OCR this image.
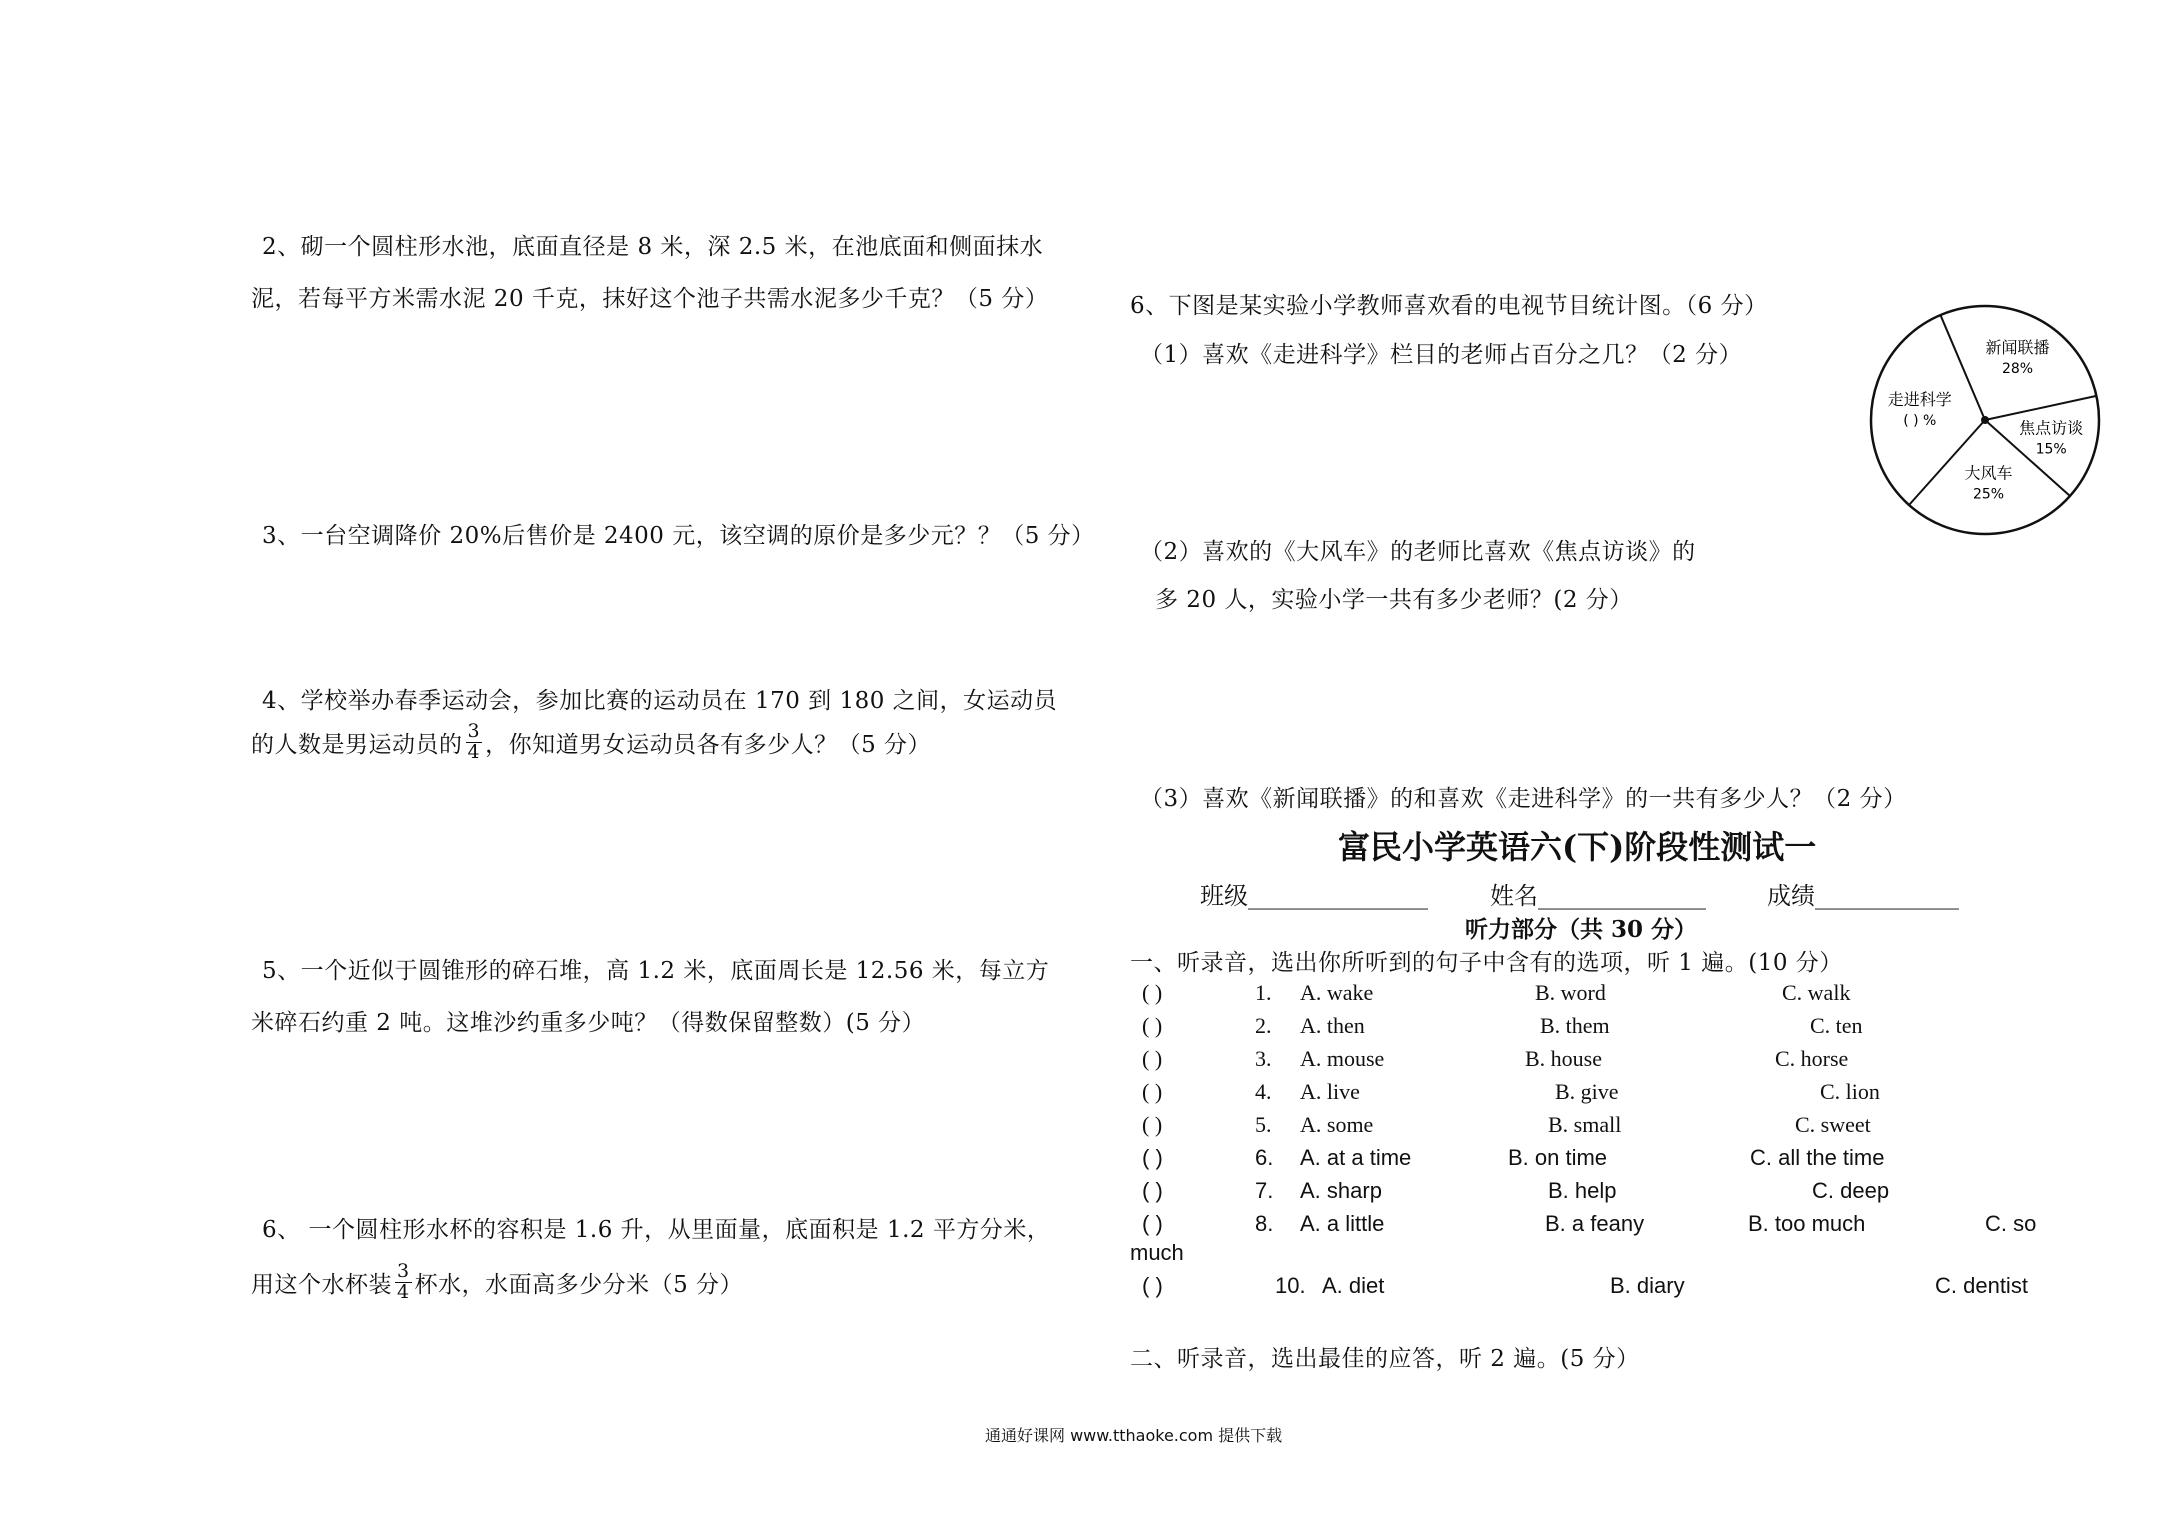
2、砌一个圆柱形水池，底面直径是 8 米，深 2.5 米，在池底面和侧面抹水
泥，若每平方米需水泥 20 千克，抹好这个池子共需水泥多少千克？（5 分）
3、一台空调降价 20%后售价是 2400 元，该空调的原价是多少元？？（5 分）
4、学校举办春季运动会，参加比赛的运动员在 170 到 180 之间，女运动员
的人数是男运动员的 $\frac{3}{4}$ ，你知道男女运动员各有多少人？（5 分）
5、一个近似于圆锥形的碎石堆，高 1.2 米，底面周长是 12.56 米，每立方
米碎石约重 2 吨。这堆沙约重多少吨？（得数保留整数）(5 分）
6、 一个圆柱形水杯的容积是 1.6 升，从里面量，底面积是 1.2 平方分米，
用这个水杯装 $\frac{3}{4}$ 杯水，水面高多少分米（5 分）
6、下图是某实验小学教师喜欢看的电视节目统计图。（6 分）
（1）喜欢《走进科学》栏目的老师占百分之几？（2 分）
（2）喜欢的《大风车》的老师比喜欢《焦点访谈》的
多 20 人，实验小学一共有多少老师？(2 分）
（3）喜欢《新闻联播》的和喜欢《走进科学》的一共有多少人？（2 分）
新闻联播
28%
焦点访谈
15%
大风车
25%
走进科学
( ) %
富民小学英语六(下)阶段性测试一
班级_______________	姓名______________	成绩____________
听力部分（共 30 分）
一、听录音，选出你所听到的句子中含有的选项，听 1 遍。(10 分）
( )	1. A. wake	B. word	C. walk
( )	2. A. then	B. them	C. ten
( )	3. A. mouse	B. house	C. horse
( )	4. A. live	B. give	C. lion
( )	5. A. some	B. small	C. sweet
( )	6. A. at a time	B. on time	C. all the time
( )	7. A. sharp	B. help	C. deep
( )	8. A. a little	B. a feany	B. too much	C. so
much
( )	10. A. diet	B. diary	C. dentist
二、听录音，选出最佳的应答，听 2 遍。(5 分）
通通好课网 www.tthaoke.com 提供下载
